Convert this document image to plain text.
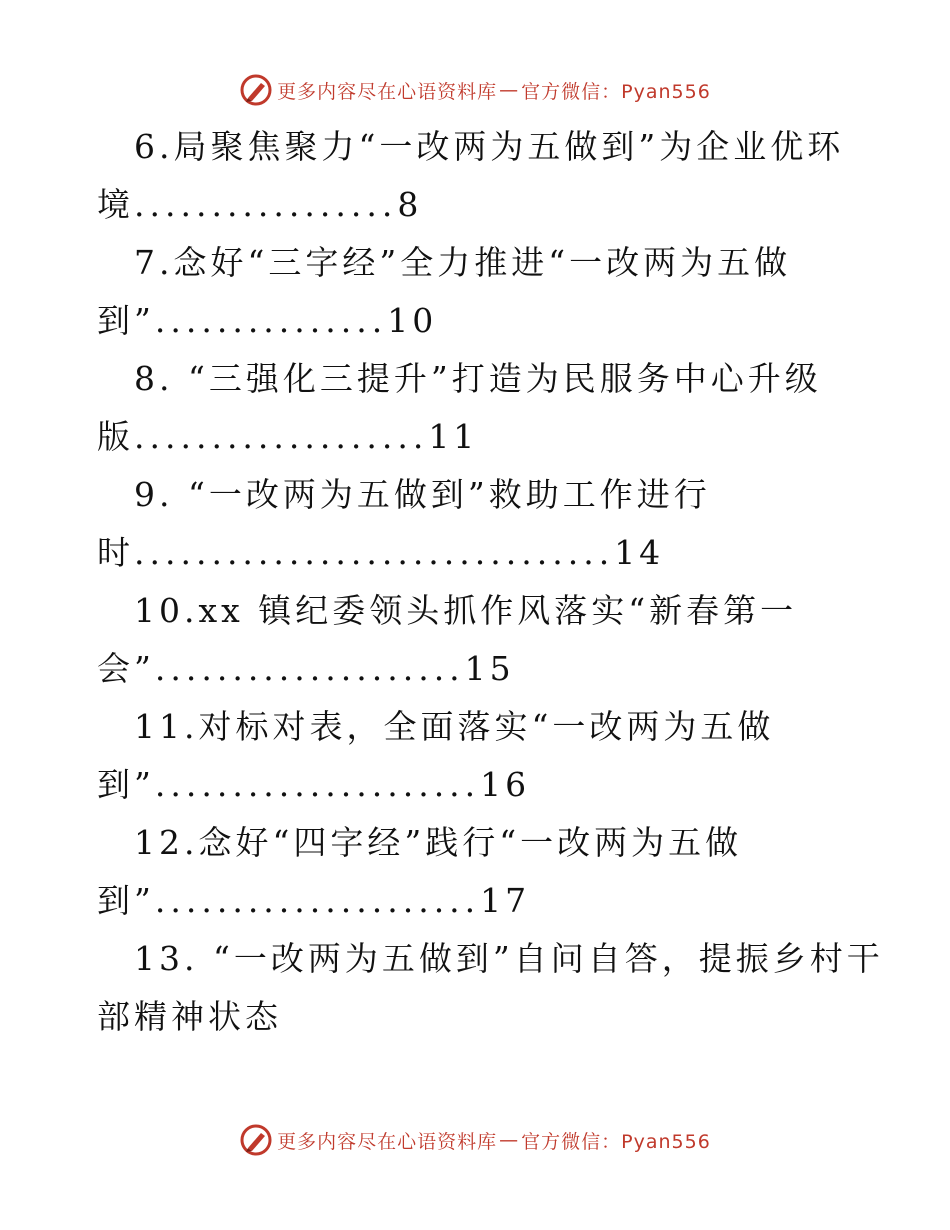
更多内容尽在心语资料库 — 官方微信：Pyan556
6.局聚焦聚力“一改两为五做到”为企业优环
境.................8
7.念好“三字经”全力推进“一改两为五做
到”...............10
8. “三强化三提升”打造为民服务中心升级
版...................11
9. “一改两为五做到”救助工作进行
时...............................14
10.xx 镇纪委领头抓作风落实“新春第一
会”....................15
11.对标对表，全面落实“一改两为五做
到”.....................16
12.念好“四字经”践行“一改两为五做
到”.....................17
13. “一改两为五做到”自问自答，提振乡村干
部精神状态
更多内容尽在心语资料库 — 官方微信：Pyan556
